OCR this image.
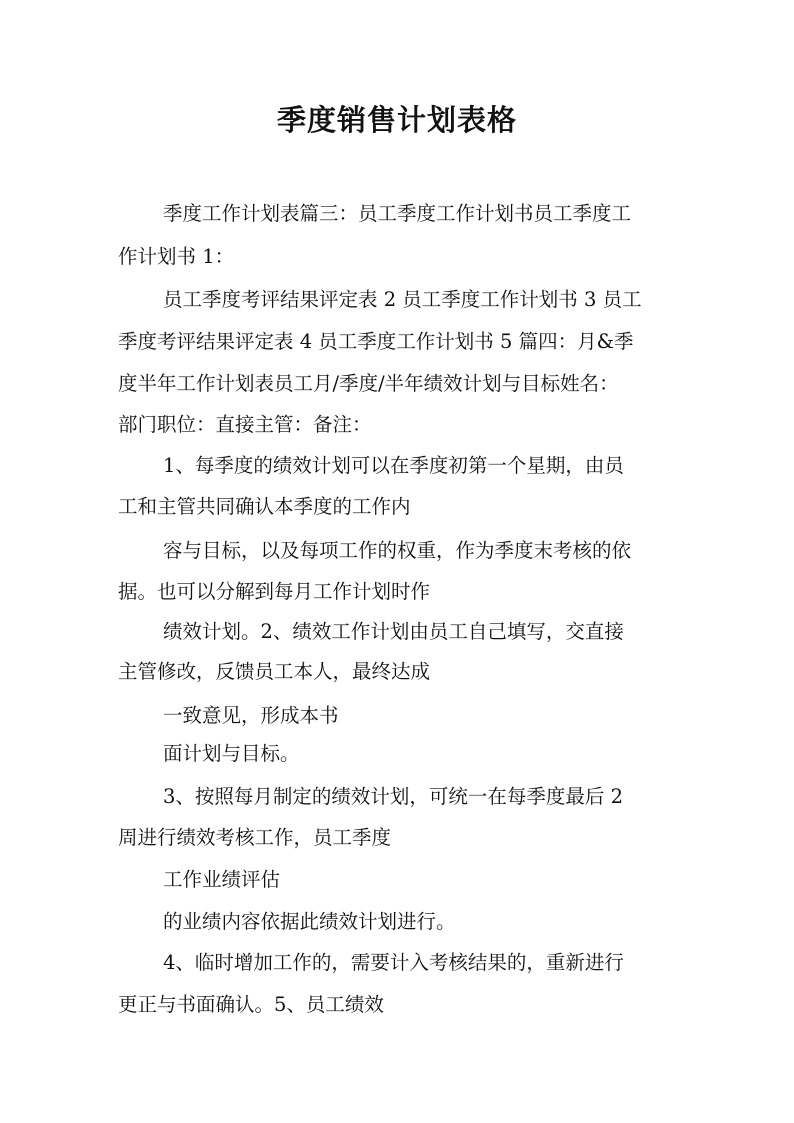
季度销售计划表格
季度工作计划表篇三：员工季度工作计划书员工季度工
作计划书 1：
员工季度考评结果评定表 2 员工季度工作计划书 3 员工
季度考评结果评定表 4 员工季度工作计划书 5 篇四：月&季
度半年工作计划表员工月/季度/半年绩效计划与目标姓名：
部门职位：直接主管：备注：
1、每季度的绩效计划可以在季度初第一个星期，由员
工和主管共同确认本季度的工作内
容与目标，以及每项工作的权重，作为季度末考核的依
据。也可以分解到每月工作计划时作
绩效计划。2、绩效工作计划由员工自己填写，交直接
主管修改，反馈员工本人，最终达成
一致意见，形成本书
面计划与目标。
3、按照每月制定的绩效计划，可统一在每季度最后 2
周进行绩效考核工作，员工季度
工作业绩评估
的业绩内容依据此绩效计划进行。
4、临时增加工作的，需要计入考核结果的，重新进行
更正与书面确认。5、员工绩效
